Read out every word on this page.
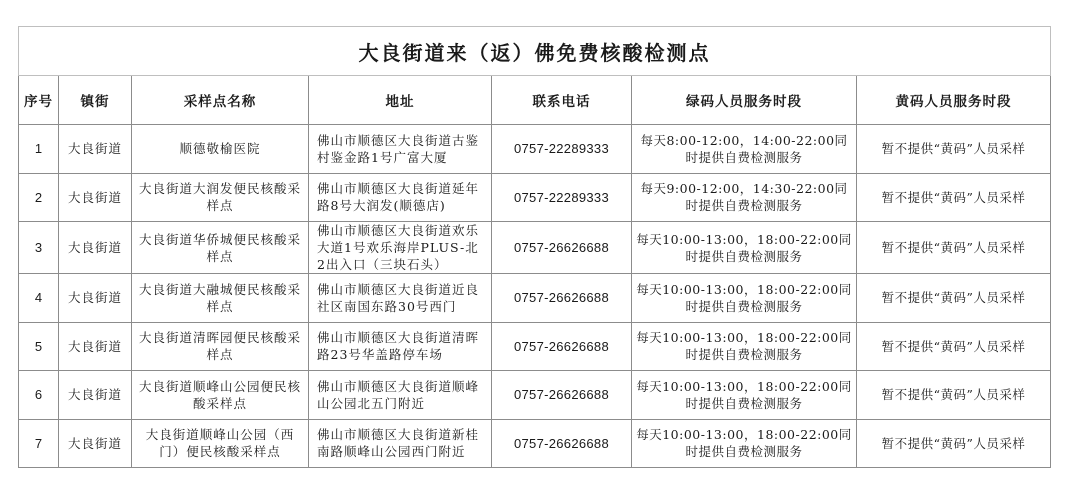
大良街道来（返）佛免费核酸检测点						
序号	镇街	采样点名称	地址	联系电话	绿码人员服务时段	黄码人员服务时段
1	大良街道	顺德敬榆医院	佛山市顺德区大良街道古鉴村鉴金路1号广富大厦	0757-22289333	每天8:00-12:00，14:00-22:00同时提供自费检测服务	暂不提供“黄码”人员采样
2	大良街道	大良街道大润发便民核酸采样点	佛山市顺德区大良街道延年路8号大润发(顺德店)	0757-22289333	每天9:00-12:00，14:30-22:00同时提供自费检测服务	暂不提供“黄码”人员采样
3	大良街道	大良街道华侨城便民核酸采样点	佛山市顺德区大良街道欢乐大道1号欢乐海岸PLUS-北2出入口（三块石头）	0757-26626688	每天10:00-13:00，18:00-22:00同时提供自费检测服务	暂不提供“黄码”人员采样
4	大良街道	大良街道大融城便民核酸采样点	佛山市顺德区大良街道近良社区南国东路30号西门	0757-26626688	每天10:00-13:00，18:00-22:00同时提供自费检测服务	暂不提供“黄码”人员采样
5	大良街道	大良街道清晖园便民核酸采样点	佛山市顺德区大良街道清晖路23号华盖路停车场	0757-26626688	每天10:00-13:00，18:00-22:00同时提供自费检测服务	暂不提供“黄码”人员采样
6	大良街道	大良街道顺峰山公园便民核酸采样点	佛山市顺德区大良街道顺峰山公园北五门附近	0757-26626688	每天10:00-13:00，18:00-22:00同时提供自费检测服务	暂不提供“黄码”人员采样
7	大良街道	大良街道顺峰山公园（西门）便民核酸采样点	佛山市顺德区大良街道新桂南路顺峰山公园西门附近	0757-26626688	每天10:00-13:00，18:00-22:00同时提供自费检测服务	暂不提供“黄码”人员采样
